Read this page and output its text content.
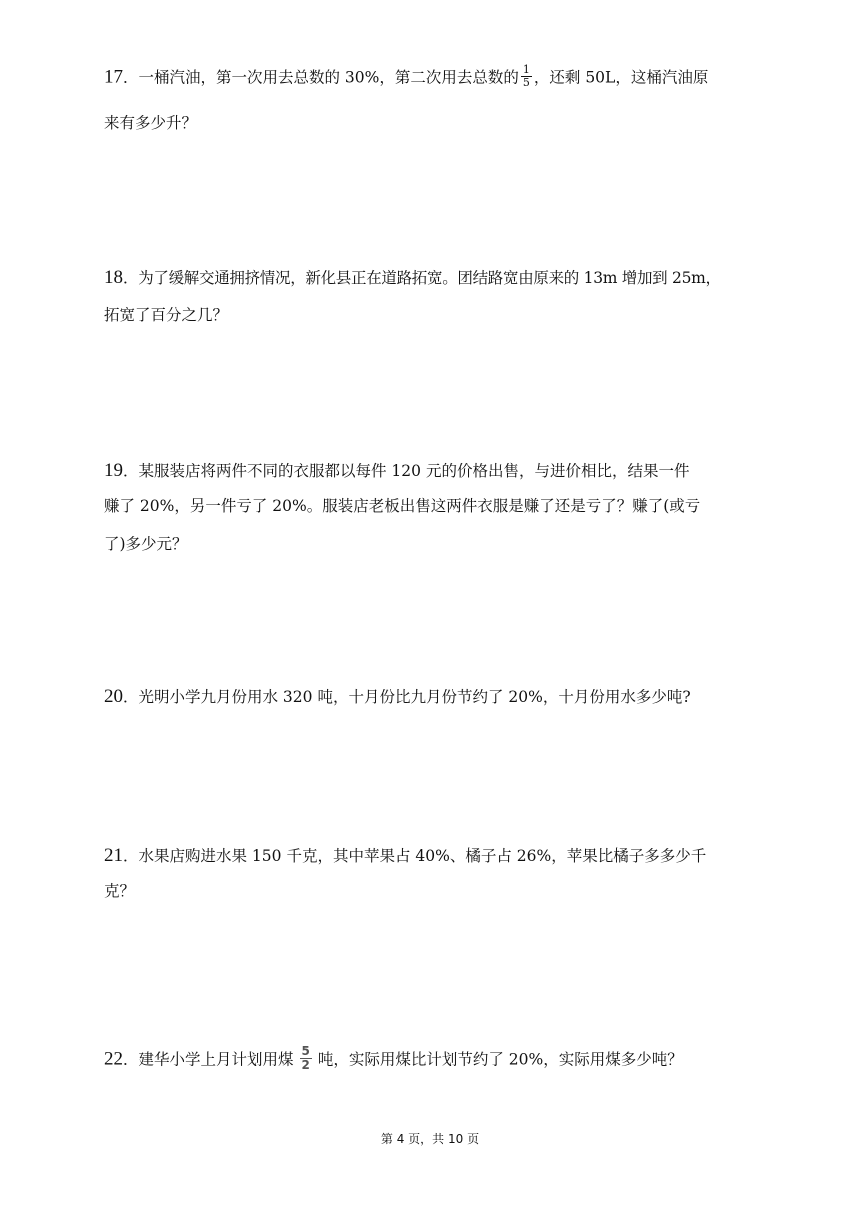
17．一桶汽油，第一次用去总数的 30%，第二次用去总数的 $\frac{1}{5}$ ，还剩 50L，这桶汽油原
来有多少升？
18．为了缓解交通拥挤情况，新化县正在道路拓宽。团结路宽由原来的 13m 增加到 25m，
拓宽了百分之几？
19．某服装店将两件不同的衣服都以每件 120 元的价格出售，与进价相比，结果一件
赚了 20%，另一件亏了 20%。服装店老板出售这两件衣服是赚了还是亏了？赚了(或亏
了)多少元？
20．光明小学九月份用水 320 吨，十月份比九月份节约了 20%，十月份用水多少吨?
21．水果店购进水果 150 千克，其中苹果占 40%、橘子占 26%，苹果比橘子多多少千
克？
22．建华小学上月计划用煤 $\frac{5}{2}$ 吨，实际用煤比计划节约了 20%，实际用煤多少吨？
第 4 页，共 10 页
